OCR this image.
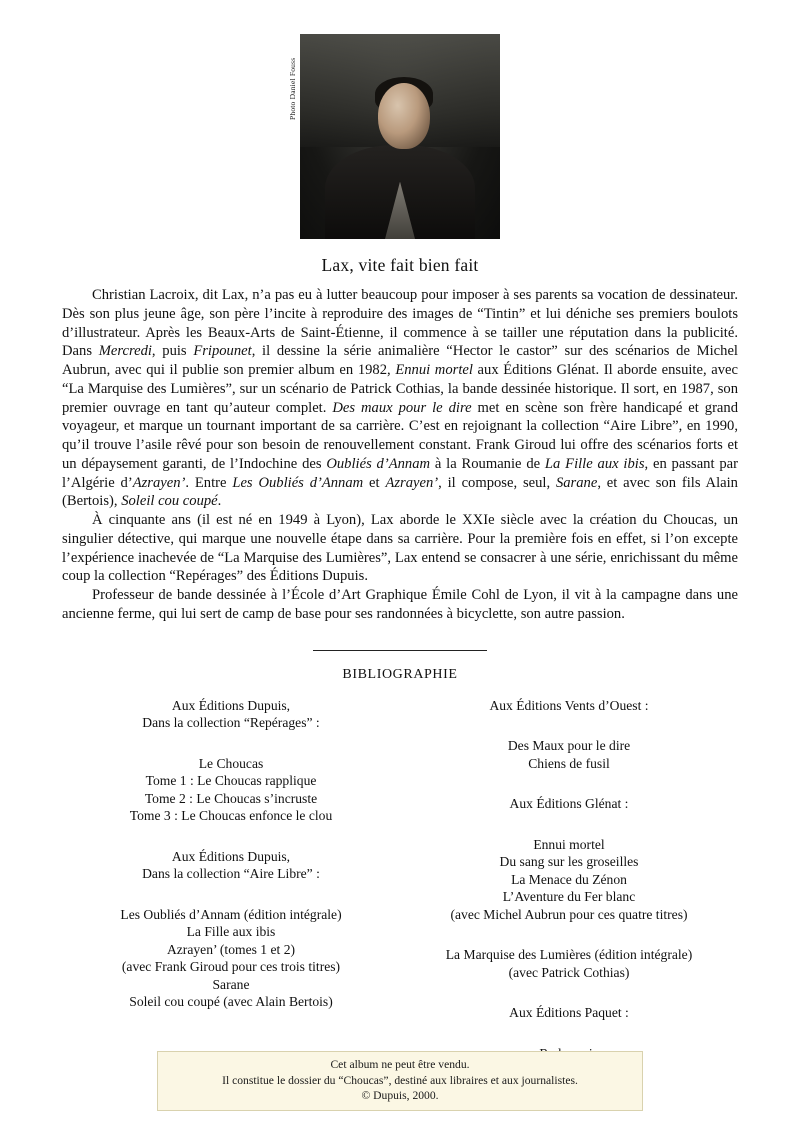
Photo Daniel Fouss
Lax, vite fait bien fait

Christian Lacroix, dit Lax, n’a pas eu à lutter beaucoup pour imposer à ses parents sa vocation de dessinateur. Dès son plus jeune âge, son père l’incite à reproduire des images de “Tintin” et lui déniche ses premiers boulots d’illustrateur. Après les Beaux-Arts de Saint-Étienne, il commence à se tailler une réputation dans la publicité. Dans Mercredi, puis Fripounet, il dessine la série animalière “Hector le castor” sur des scénarios de Michel Aubrun, avec qui il publie son premier album en 1982, Ennui mortel aux Éditions Glénat. Il aborde ensuite, avec “La Marquise des Lumières”, sur un scénario de Patrick Cothias, la bande dessinée historique. Il sort, en 1987, son premier ouvrage en tant qu’auteur complet. Des maux pour le dire met en scène son frère handicapé et grand voyageur, et marque un tournant important de sa carrière. C’est en rejoignant la collection “Aire Libre”, en 1990, qu’il trouve l’asile rêvé pour son besoin de renouvellement constant. Frank Giroud lui offre des scénarios forts et un dépaysement garanti, de l’Indochine des Oubliés d’Annam à la Roumanie de La Fille aux ibis, en passant par l’Algérie d’Azrayen’. Entre Les Oubliés d’Annam et Azrayen’, il compose, seul, Sarane, et avec son fils Alain (Bertois), Soleil cou coupé.

À cinquante ans (il est né en 1949 à Lyon), Lax aborde le XXIe siècle avec la création du Choucas, un singulier détective, qui marque une nouvelle étape dans sa carrière. Pour la première fois en effet, si l’on excepte l’expérience inachevée de “La Marquise des Lumières”, Lax entend se consacrer à une série, enrichissant du même coup la collection “Repérages” des Éditions Dupuis.

Professeur de bande dessinée à l’École d’Art Graphique Émile Cohl de Lyon, il vit à la campagne dans une ancienne ferme, qui lui sert de camp de base pour ses randonnées à bicyclette, son autre passion.

BIBLIOGRAPHIE
Aux Éditions Dupuis,
Dans la collection “Repérages” :
Le Choucas
Tome 1 : Le Choucas rapplique
Tome 2 : Le Choucas s’incruste
Tome 3 : Le Choucas enfonce le clou
Aux Éditions Dupuis,
Dans la collection “Aire Libre” :
Les Oubliés d’Annam (édition intégrale)
La Fille aux ibis
Azrayen’ (tomes 1 et 2)
(avec Frank Giroud pour ces trois titres)
Sarane
Soleil cou coupé (avec Alain Bertois)
Aux Éditions Vents d’Ouest :
Des Maux pour le dire
Chiens de fusil
Aux Éditions Glénat :
Ennui mortel
Du sang sur les groseilles
La Menace du Zénon
L’Aventure du Fer blanc
(avec Michel Aubrun pour ces quatre titres)
La Marquise des Lumières (édition intégrale)
(avec Patrick Cothias)
Aux Éditions Paquet :
Cet album ne peut être vendu.
Il constitue le dossier du “Choucas”, destiné aux libraires et aux journalistes.
© Dupuis, 2000.
